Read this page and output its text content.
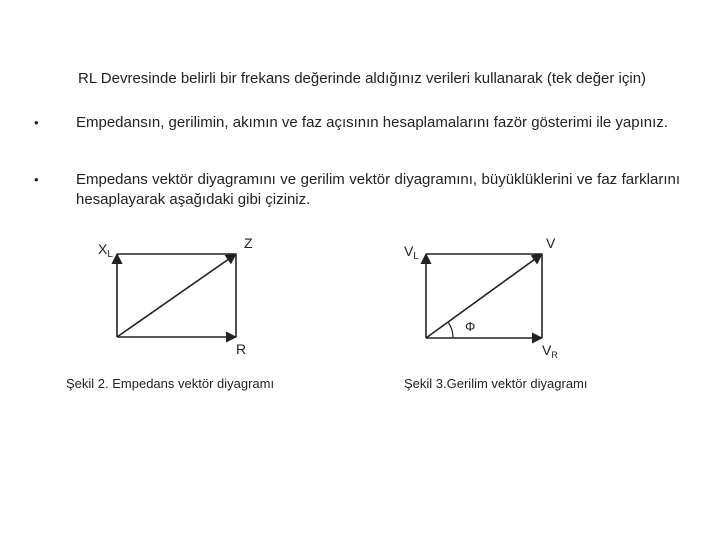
RL Devresinde belirli bir frekans değerinde aldığınız verileri kullanarak (tek değer için)
• Empedansın, gerilimin, akımın ve faz açısının hesaplamalarını fazör gösterimi ile yapınız.
• Empedans vektör diyagramını ve gerilim vektör diyagramını, büyüklüklerini ve faz farklarını hesaplayarak aşağıdaki gibi çiziniz.
$X_L$
Z
R
$V_L$
V
Φ
$V_R$
Şekil 2. Empedans vektör diyagramı	Şekil 3.Gerilim vektör diyagramı
